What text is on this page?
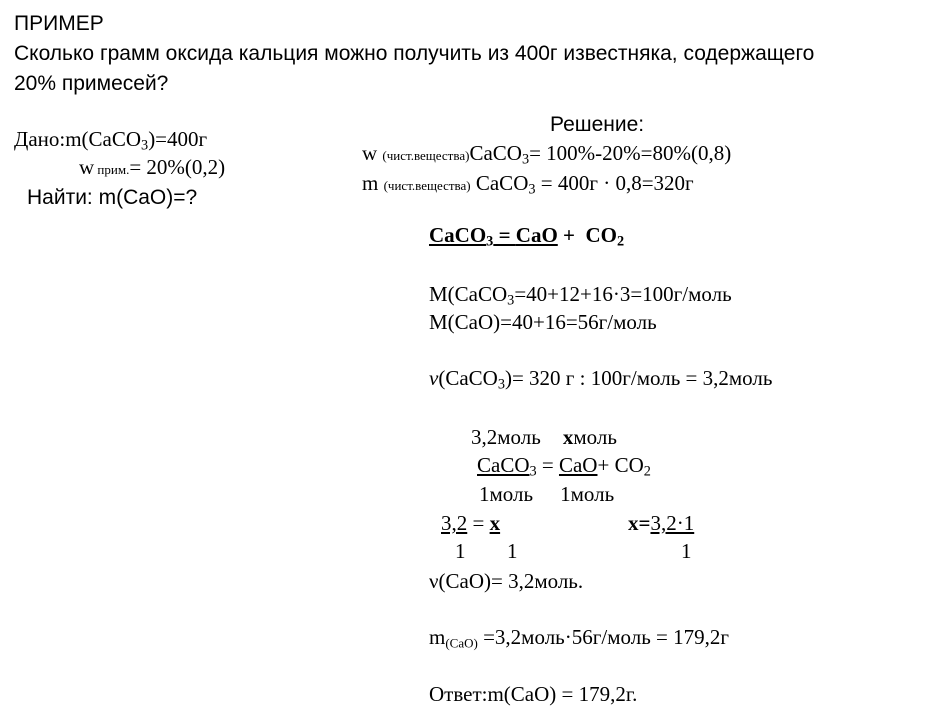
ПРИМЕР
Сколько грамм оксида кальция можно получить из 400г известняка, содержащего
20% примесей?
Дано:m(CaCO$_3$)=400г
w прим.= 20%(0,2)
Найти: m(CaO)=?
Решение:
w (чист.вещества)CaCO$_3$= 100%-20%=80%(0,8)
m (чист.вещества) CaCO$_3$ = 400г · 0,8=320г
CaCO$_3$ = CaO +  $CO_2$
M(CaCO$_3$=40+12+16·3=100г/моль
M(CaO)=40+16=56г/моль
ν(CaCO$_3$)= 320 г : 100г/моль = 3,2моль
3,2моль xмоль
CaCO$_3$ = $CaO+ CO_2$
1моль 1моль
3,2 = x	x=3,2·1
1 1	1
ν(CaO)= 3,2моль.
$m_{(CaO)}$ =3,2моль·56г/моль = 179,2г
Ответ:m(CaO) = 179,2г.
